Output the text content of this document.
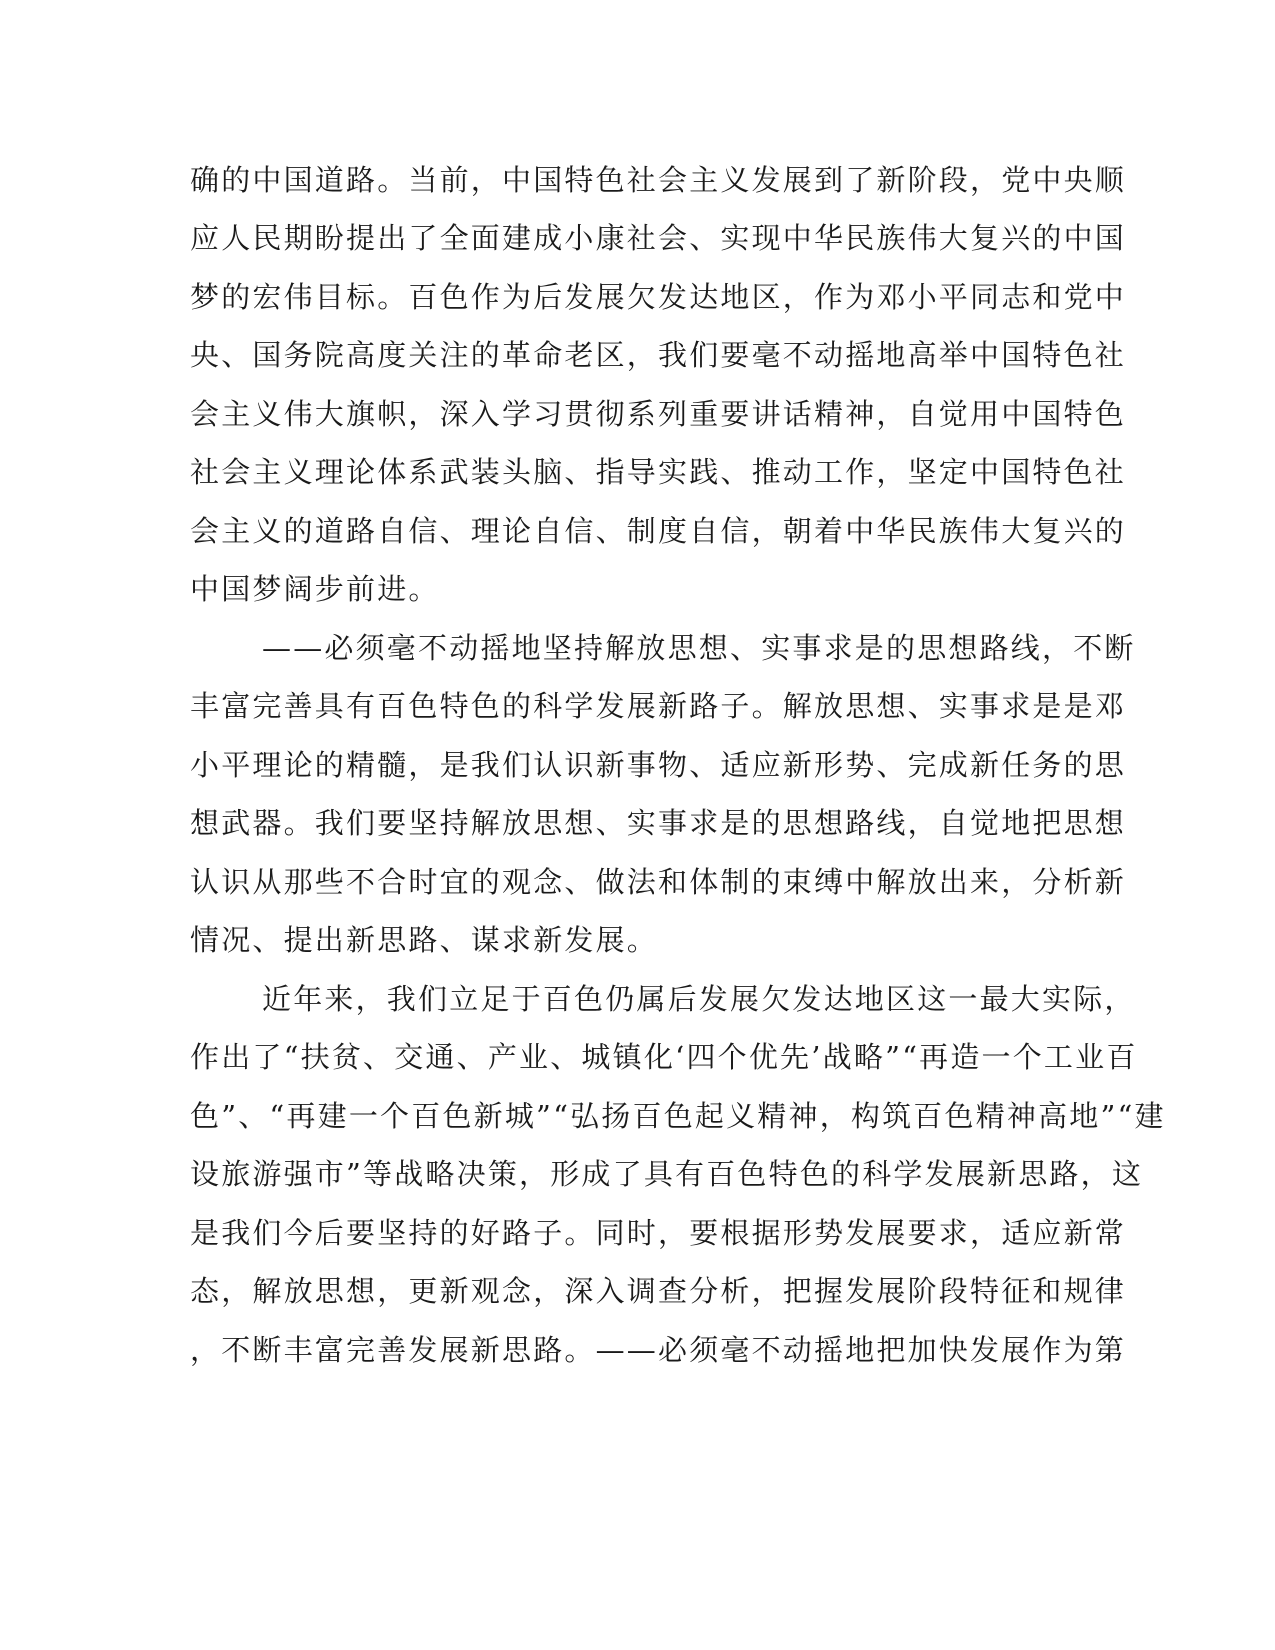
确的中国道路。当前，中国特色社会主义发展到了新阶段，党中央顺
应人民期盼提出了全面建成小康社会、实现中华民族伟大复兴的中国
梦的宏伟目标。百色作为后发展欠发达地区，作为邓小平同志和党中
央、国务院高度关注的革命老区，我们要毫不动摇地高举中国特色社
会主义伟大旗帜，深入学习贯彻系列重要讲话精神，自觉用中国特色
社会主义理论体系武装头脑、指导实践、推动工作，坚定中国特色社
会主义的道路自信、理论自信、制度自信，朝着中华民族伟大复兴的
中国梦阔步前进。
——必须毫不动摇地坚持解放思想、实事求是的思想路线，不断
丰富完善具有百色特色的科学发展新路子。解放思想、实事求是是邓
小平理论的精髓，是我们认识新事物、适应新形势、完成新任务的思
想武器。我们要坚持解放思想、实事求是的思想路线，自觉地把思想
认识从那些不合时宜的观念、做法和体制的束缚中解放出来，分析新
情况、提出新思路、谋求新发展。
近年来，我们立足于百色仍属后发展欠发达地区这一最大实际，
作出了“扶贫、交通、产业、城镇化‘四个优先’战略”“再造一个工业百
色”、“再建一个百色新城”“弘扬百色起义精神，构筑百色精神高地”“建
设旅游强市”等战略决策，形成了具有百色特色的科学发展新思路，这
是我们今后要坚持的好路子。同时，要根据形势发展要求，适应新常
态，解放思想，更新观念，深入调查分析，把握发展阶段特征和规律
，不断丰富完善发展新思路。——必须毫不动摇地把加快发展作为第
